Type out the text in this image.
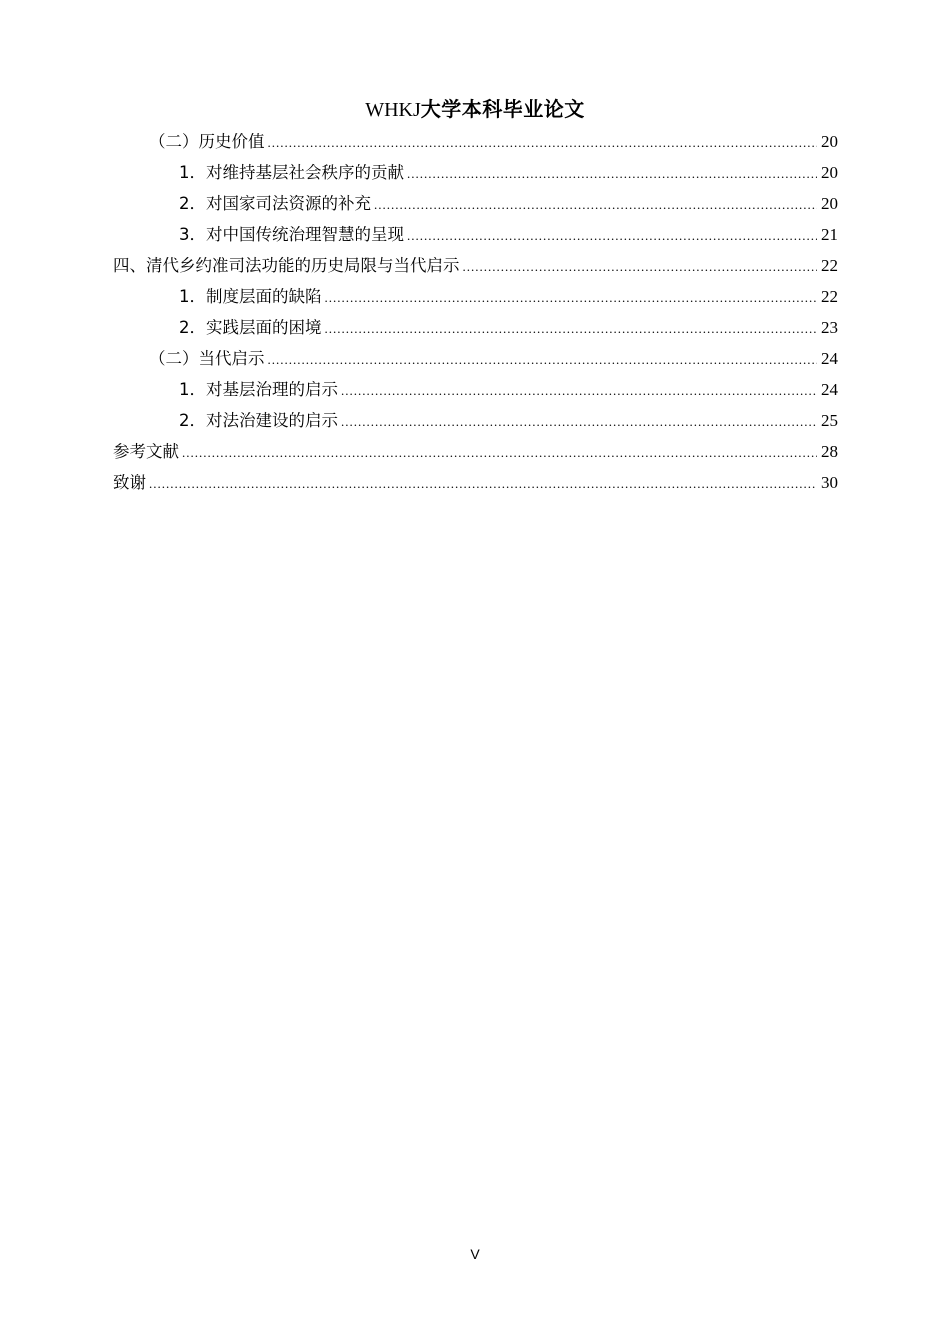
WHKJ大学本科毕业论文
（二）历史价值 .....	20
1．对维持基层社会秩序的贡献 .....	20
2．对国家司法资源的补充 .....	20
3．对中国传统治理智慧的呈现 .....	21
四、清代乡约准司法功能的历史局限与当代启示 .....	22
1．制度层面的缺陷 .....	22
2．实践层面的困境 .....	23
（二）当代启示 .....	24
1．对基层治理的启示 .....	24
2．对法治建设的启示 .....	25
参考文献 .....	28
致谢 .....	30
V
